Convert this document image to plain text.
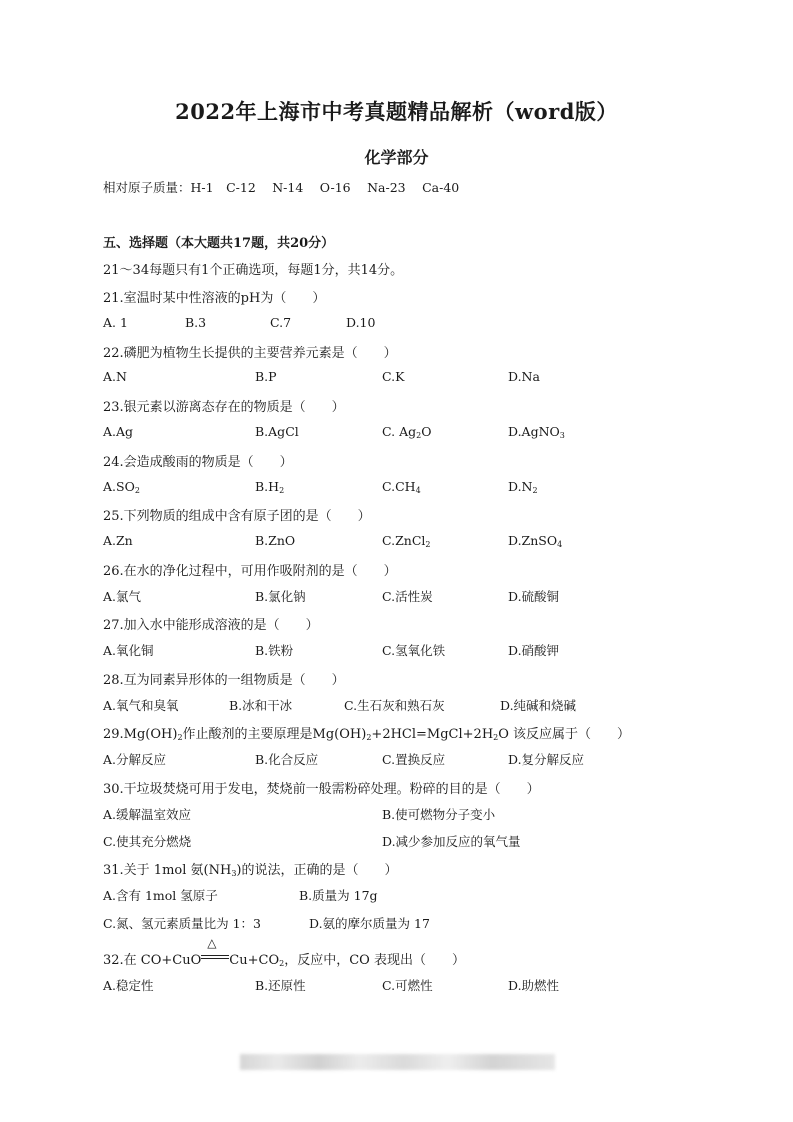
2022年上海市中考真题精品解析（word版）
化学部分
相对原子质量：H-1　C-12　 N-14　 O-16　 Na-23　 Ca-40
五、选择题（本大题共17题，共20分）
21～34每题只有1个正确选项，每题1分，共14分。
21.室温时某中性溶液的pH为（　　）
A. 1	B.3	C.7	D.10
22.磷肥为植物生长提供的主要营养元素是（　　）
A.N	B.P	C.K	D.Na
23.银元素以游离态存在的物质是（　　）
A.Ag	B.AgCl	C. $Ag_2O$	D.AgNO$_3$
24.会造成酸雨的物质是（　　）
$A.SO_2$	$B.H_2$	$C.CH_4$	$D.N_2$
25.下列物质的组成中含有原子团的是（　　）
A.Zn	B.ZnO	C.ZnCl$_2$	D.ZnSO$_4$
26.在水的净化过程中，可用作吸附剂的是（　　）
A.氯气	B.氯化钠	C.活性炭	D.硫酸铜
27.加入水中能形成溶液的是（　　）
A.氧化铜	B.铁粉	C.氢氧化铁	D.硝酸钾
28.互为同素异形体的一组物质是（　　）
A.氧气和臭氧	B.冰和干冰	C.生石灰和熟石灰	D.纯碱和烧碱
$29.Mg(OH)_2$作止酸剂的主要原理是$Mg(OH)_2+2HCl=MgCl+2H_2O$ 该反应属于（　　）
A.分解反应	B.化合反应	C.置换反应	D.复分解反应
30.干垃圾焚烧可用于发电，焚烧前一般需粉碎处理。粉碎的目的是（　　）
A.缓解温室效应	B.使可燃物分子变小
C.使其充分燃烧	D.减少参加反应的氧气量
31.关于 1mol 氨$(NH_3)$的说法，正确的是（　　）
A.含有 1mol 氢原子	B.质量为 17g
C.氮、氢元素质量比为 1：3	D.氨的摩尔质量为 17
32.在 CO+CuO
△
$Cu+CO_2$，反应中，CO 表现出（　　）
A.稳定性	B.还原性	C.可燃性	D.助燃性
